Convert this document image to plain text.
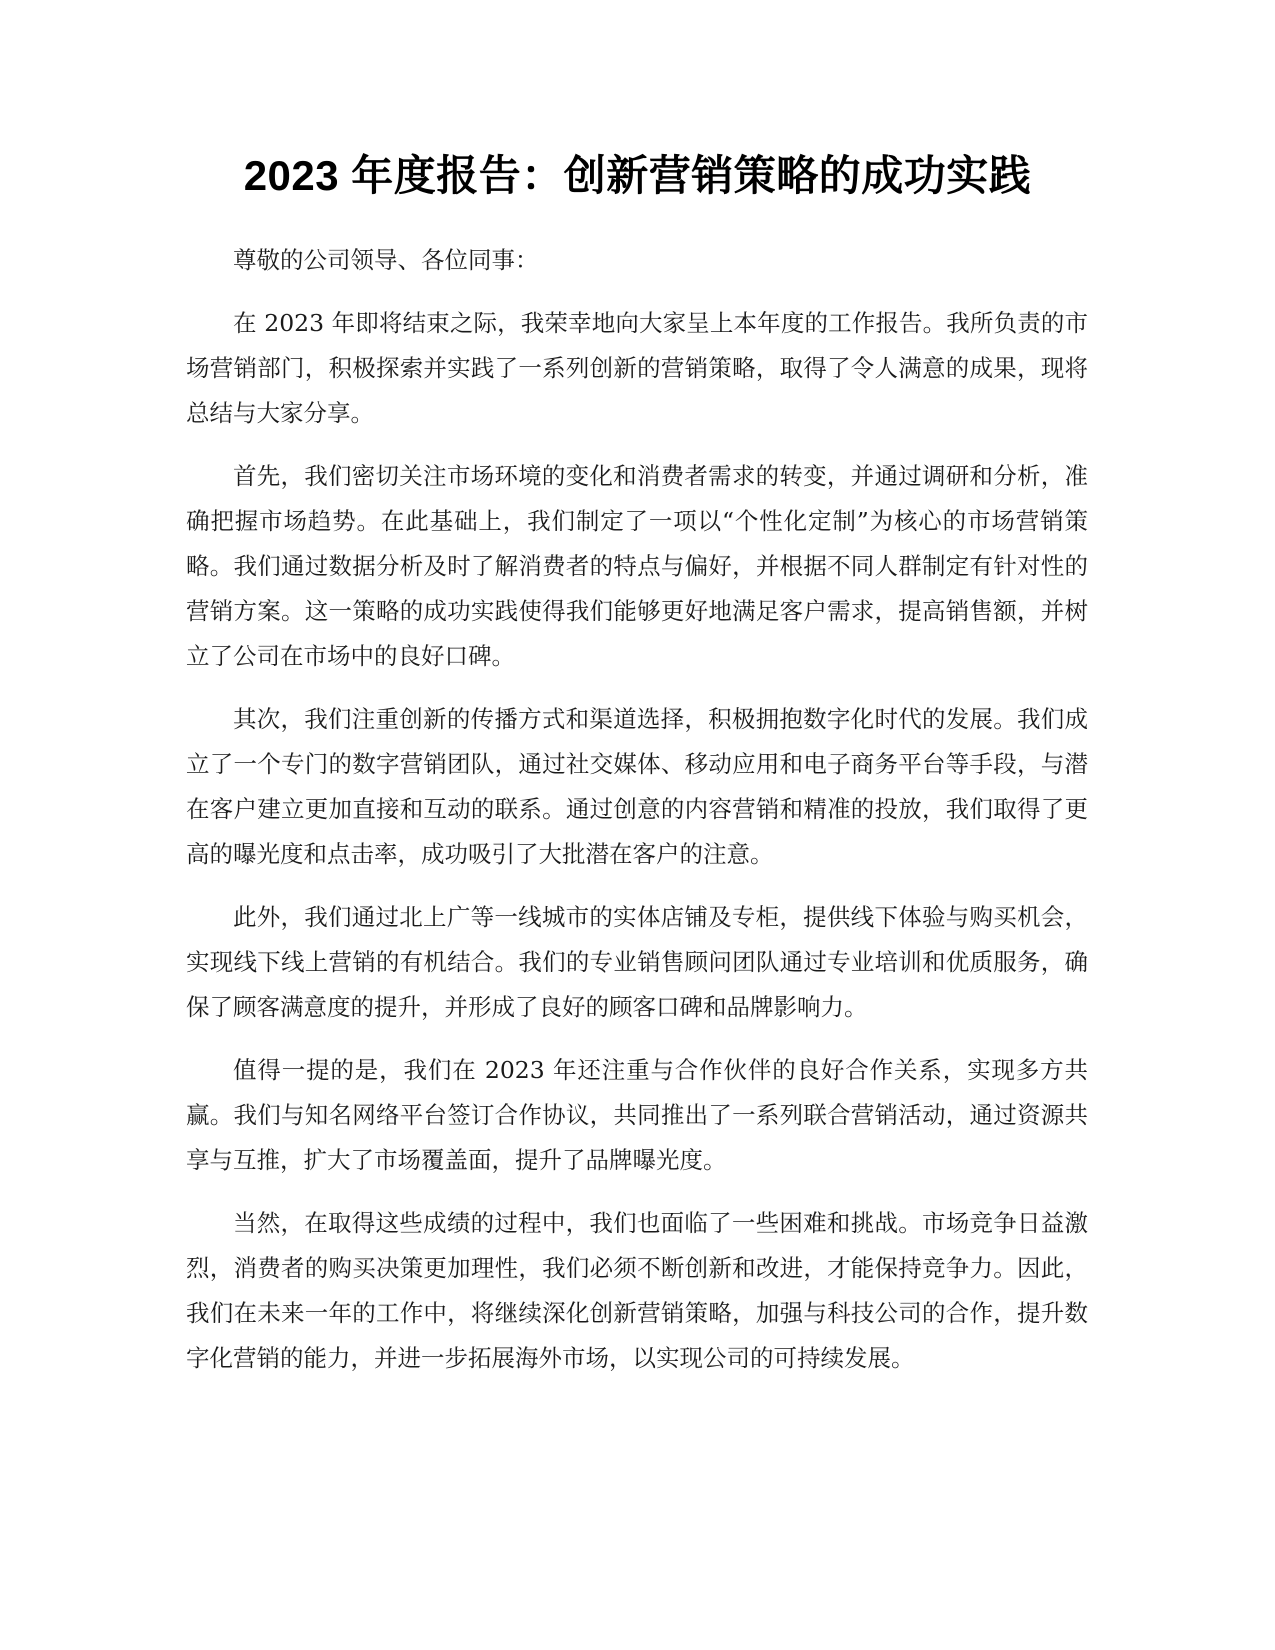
2023 年度报告：创新营销策略的成功实践

尊敬的公司领导、各位同事：

在 2023 年即将结束之际，我荣幸地向大家呈上本年度的工作报告。我所负责的市场营销部门，积极探索并实践了一系列创新的营销策略，取得了令人满意的成果，现将总结与大家分享。

首先，我们密切关注市场环境的变化和消费者需求的转变，并通过调研和分析，准确把握市场趋势。在此基础上，我们制定了一项以“个性化定制”为核心的市场营销策略。我们通过数据分析及时了解消费者的特点与偏好，并根据不同人群制定有针对性的营销方案。这一策略的成功实践使得我们能够更好地满足客户需求，提高销售额，并树立了公司在市场中的良好口碑。

其次，我们注重创新的传播方式和渠道选择，积极拥抱数字化时代的发展。我们成立了一个专门的数字营销团队，通过社交媒体、移动应用和电子商务平台等手段，与潜在客户建立更加直接和互动的联系。通过创意的内容营销和精准的投放，我们取得了更高的曝光度和点击率，成功吸引了大批潜在客户的注意。

此外，我们通过北上广等一线城市的实体店铺及专柜，提供线下体验与购买机会，实现线下线上营销的有机结合。我们的专业销售顾问团队通过专业培训和优质服务，确保了顾客满意度的提升，并形成了良好的顾客口碑和品牌影响力。

值得一提的是，我们在 2023 年还注重与合作伙伴的良好合作关系，实现多方共赢。我们与知名网络平台签订合作协议，共同推出了一系列联合营销活动，通过资源共享与互推，扩大了市场覆盖面，提升了品牌曝光度。

当然，在取得这些成绩的过程中，我们也面临了一些困难和挑战。市场竞争日益激烈，消费者的购买决策更加理性，我们必须不断创新和改进，才能保持竞争力。因此，我们在未来一年的工作中，将继续深化创新营销策略，加强与科技公司的合作，提升数字化营销的能力，并进一步拓展海外市场，以实现公司的可持续发展。
